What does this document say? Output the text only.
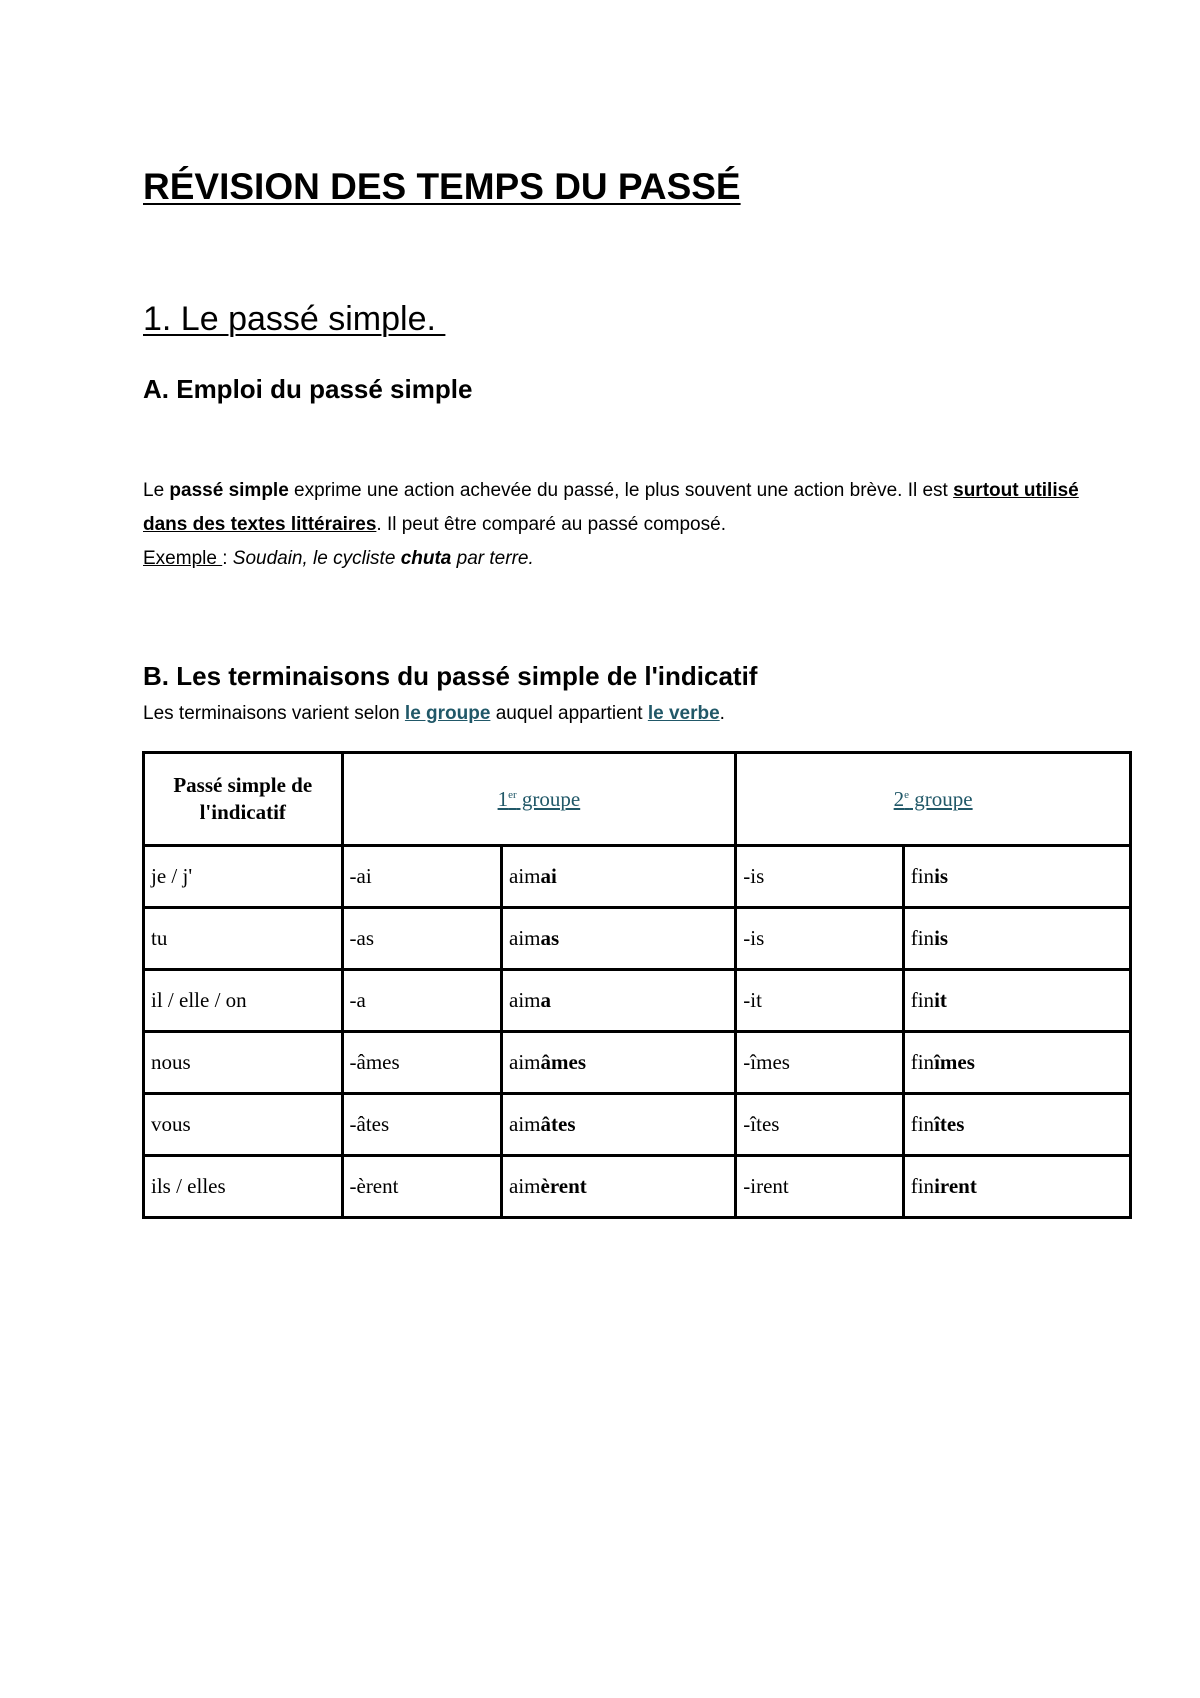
RÉVISION DES TEMPS DU PASSÉ
1. Le passé simple.
A. Emploi du passé simple
Le passé simple exprime une action achevée du passé, le plus souvent une action brève. Il est surtout utilisé dans des textes littéraires. Il peut être comparé au passé composé.
Exemple : Soudain, le cycliste chuta par terre.
B. Les terminaisons du passé simple de l'indicatif
Les terminaisons varient selon le groupe auquel appartient le verbe.
Passé simple de
l'indicatif	1er groupe		2e groupe	
je / j'	-ai	aimai	-is	finis
tu	-as	aimas	-is	finis
il / elle / on	-a	aima	-it	finit
nous	-âmes	aimâmes	-îmes	finîmes
vous	-âtes	aimâtes	-îtes	finîtes
ils / elles	-èrent	aimèrent	-irent	finirent
